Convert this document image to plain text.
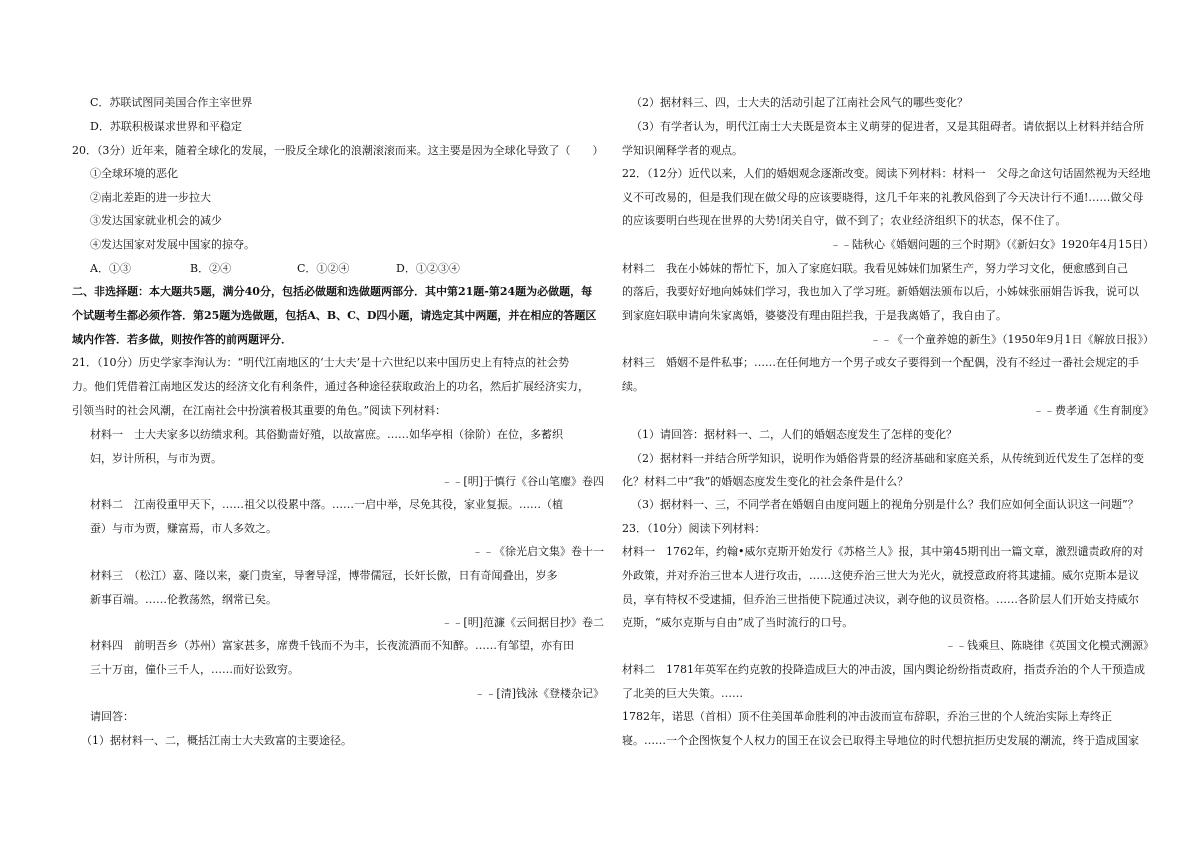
C．苏联试图同美国合作主宰世界
D．苏联积极谋求世界和平稳定
20．（3分）近年来，随着全球化的发展，一股反全球化的浪潮滚滚而来。这主要是因为全球化导致了（　　）
①全球环境的恶化
②南北差距的进一步拉大
③发达国家就业机会的减少
④发达国家对发展中国家的掠夺。
A．①③	B．②④	C．①②④	D．①②③④
二、非选择题：本大题共5题，满分40分，包括必做题和选做题两部分．其中第21题-第24题为必做题，每
个试题考生都必须作答．第25题为选做题，包括A、B、C、D四小题，请选定其中两题，并在相应的答题区
域内作答．若多做，则按作答的前两题评分．
21．（10分）历史学家李洵认为：“明代江南地区的‘士大夫’是十六世纪以来中国历史上有特点的社会势
力。他们凭借着江南地区发达的经济文化有利条件，通过各种途径获取政治上的功名，然后扩展经济实力，
引领当时的社会风潮，在江南社会中扮演着极其重要的角色。”阅读下列材料：
材料一　士大夫家多以纺绩求利。其俗勤啬好殖，以故富庶。……如华亭相（徐阶）在位，多蓄织
妇，岁计所积，与市为贾。
﹣﹣[明]于慎行《谷山笔麈》卷四
材料二　江南役重甲天下，……祖父以役累中落。……一启中举，尽免其役，家业复振。……（植
蚕）与市为贾，赚富焉，市人多效之。
﹣﹣《徐光启文集》卷十一
材料三　（松江）嘉、隆以来，豪门贵室，导奢导淫，博带儒冠，长奸长傲，日有奇闻叠出，岁多
新事百端。……伦教荡然，纲常已矣。
﹣﹣[明]范濂《云间据目抄》卷二
材料四　前明吾乡（苏州）富家甚多，席费千钱而不为丰，长夜流酒而不知醉。……有邹望，亦有田
三十万亩，僮仆三千人，……而好讼致穷。
﹣﹣[清]钱泳《登楼杂记》
请回答：
（1）据材料一、二，概括江南士大夫致富的主要途径。
（2）据材料三、四，士大夫的活动引起了江南社会风气的哪些变化？
（3）有学者认为，明代江南士大夫既是资本主义萌芽的促进者，又是其阻碍者。请依据以上材料并结合所
学知识阐释学者的观点。
22．（12分）近代以来，人们的婚姻观念逐渐改变。阅读下列材料：材料一　父母之命这句话固然视为天经地
义不可改易的，但是我们现在做父母的应该要晓得，这几千年来的礼教风俗到了今天决计行不通!……做父母
的应该要明白些现在世界的大势!闭关自守，做不到了；农业经济组织下的状态，保不住了。
﹣﹣陆秋心《婚姻问题的三个时期》（《新妇女》1920年4月15日）
材料二　我在小姊妹的帮忙下，加入了家庭妇联。我看见姊妹们加紧生产，努力学习文化，便愈感到自己
的落后，我要好好地向姊妹们学习，我也加入了学习班。新婚姻法颁布以后，小姊妹张丽娟告诉我，说可以
到家庭妇联申请向朱家离婚，婆婆没有理由阻拦我，于是我离婚了，我自由了。
﹣﹣《一个童养媳的新生》（1950年9月1日《解放日报》）
材料三　婚姻不是件私事；……在任何地方一个男子或女子要得到一个配偶，没有不经过一番社会规定的手
续。
﹣﹣费孝通《生育制度》
（1）请回答：据材料一、二，人们的婚姻态度发生了怎样的变化？
（2）据材料一并结合所学知识，说明作为婚俗背景的经济基础和家庭关系，从传统到近代发生了怎样的变
化？材料二中“我”的婚姻态度发生变化的社会条件是什么？
（3）据材料一、三，不同学者在婚姻自由度问题上的视角分别是什么？我们应如何全面认识这一问题”？
23．（10分）阅读下列材料：
材料一　1762年，约翰•威尔克斯开始发行《苏格兰人》报，其中第45期刊出一篇文章，激烈谴责政府的对
外政策，并对乔治三世本人进行攻击，……这使乔治三世大为光火，就授意政府将其逮捕。威尔克斯本是议
员，享有特权不受逮捕，但乔治三世指使下院通过决议，剥夺他的议员资格。……各阶层人们开始支持威尔
克斯，“威尔克斯与自由”成了当时流行的口号。
﹣﹣钱乘旦、陈晓律《英国文化模式溯源》
材料二　1781年英军在约克敦的投降造成巨大的冲击波，国内舆论纷纷指责政府，指责乔治的个人干预造成
了北美的巨大失策。……
1782年，诺思（首相）顶不住美国革命胜利的冲击波而宣布辞职，乔治三世的个人统治实际上寿终正
寝。……一个企图恢复个人权力的国王在议会已取得主导地位的时代想抗拒历史发展的潮流，终于造成国家
